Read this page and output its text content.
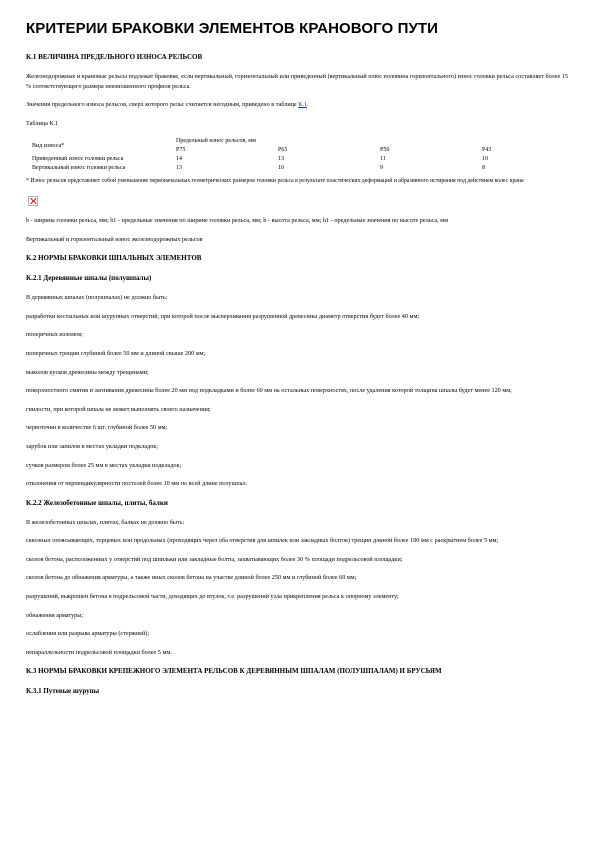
КРИТЕРИИ БРАКОВКИ ЭЛЕМЕНТОВ КРАНОВОГО ПУТИ
К.1 ВЕЛИЧИНА ПРЕДЕЛЬНОГО ИЗНОСА РЕЛЬСОВ

Железнодорожные и крановые рельсы подлежат браковке, если вертикальный, горизонтальный или приведенный (вертикальный плюс половина горизонтального) износ головки рельса составляет более 15 % соответствующего размера неизношенного профиля рельса.

Значения предельного износа рельсов, сверх которого рельс считается негодным, приведено в таблице К.1.

Таблица К.1

Вид износа*	Предельный износ рельсов, мм			
	Р75	Р65	Р50	Р43
Приведенный износ головки рельса	14	13	11	10
Вертикальный износ головки рельса	13	10	9	8
* Износ рельсов представляет собой уменьшение первоначальных геометрических размеров головки рельса в результате пластических деформаций и абразивного истирания под действием колес крана

b - ширина головки рельса, мм; b1 - предельные значения по ширине головки рельса, мм; h - высота рельса, мм; h1 - предельные значения по высоте рельса, мм

Вертикальный и горизонтальный износ железнодорожных рельсов

К.2 НОРМЫ БРАКОВКИ ШПАЛЬНЫХ ЭЛЕМЕНТОВ
К.2.1 Деревянные шпалы (полушпалы)

В деревянных шпалах (полушпалах) не должно быть:

разработки костыльных или шурупных отверстий, при которой после высверливания разрушенной древесины диаметр отверстия будет более 40 мм;

поперечных изломов;

поперечных трещин глубиной более 50 мм и длиной свыше 200 мм;

выколов кусков древесины между трещинами;

поверхностного смятия и загнивания древесины более 20 мм под подкладками и более 60 мм на остальных поверхностях, после удаления которой толщина шпалы будет менее 120 мм;

гнилости, при которой шпала не может выполнять своего назначения;

червоточин в количестве 6 шт. глубиной более 50 мм;

зарубок или запилов в местах укладки подкладок;

сучков размером более 25 мм в местах укладки подкладок;

отклонения от перпендикулярности постелей более 10 мм по всей длине полушпал.

К.2.2 Железобетонные шпалы, плиты, балки

В железобетонных шпалах, плитах, балках не должно быть:

сквозных опоясывающих, торцевых или продольных (проходящих через оба отверстия для шпилек или закладных болтов) трещин длиной более 100 мм с раскрытием более 5 мм;

сколов бетона, расположенных у отверстий под шпильки или закладные болты, захватывающих более 30 % площади подрельсовой площадки;

сколов бетона до обнажения арматуры, а также иных сколов бетона на участке длиной более 250 мм и глубиной более 60 мм;

разрушений, выкрошен бетона в подрельсовой части, доходящих до втулок, т.е. разрушений узла прикрепления рельса к опорному элементу;

обнажения арматуры;

ослабления или разрыва арматуры (стержней);

непараллельности подрельсовой площадки более 5 мм.

К.3 НОРМЫ БРАКОВКИ КРЕПЕЖНОГО ЭЛЕМЕНТА РЕЛЬСОВ К ДЕРЕВЯННЫМ ШПАЛАМ (ПОЛУШПАЛАМ) И БРУСЬЯМ
К.3.1 Путевые шурупы
